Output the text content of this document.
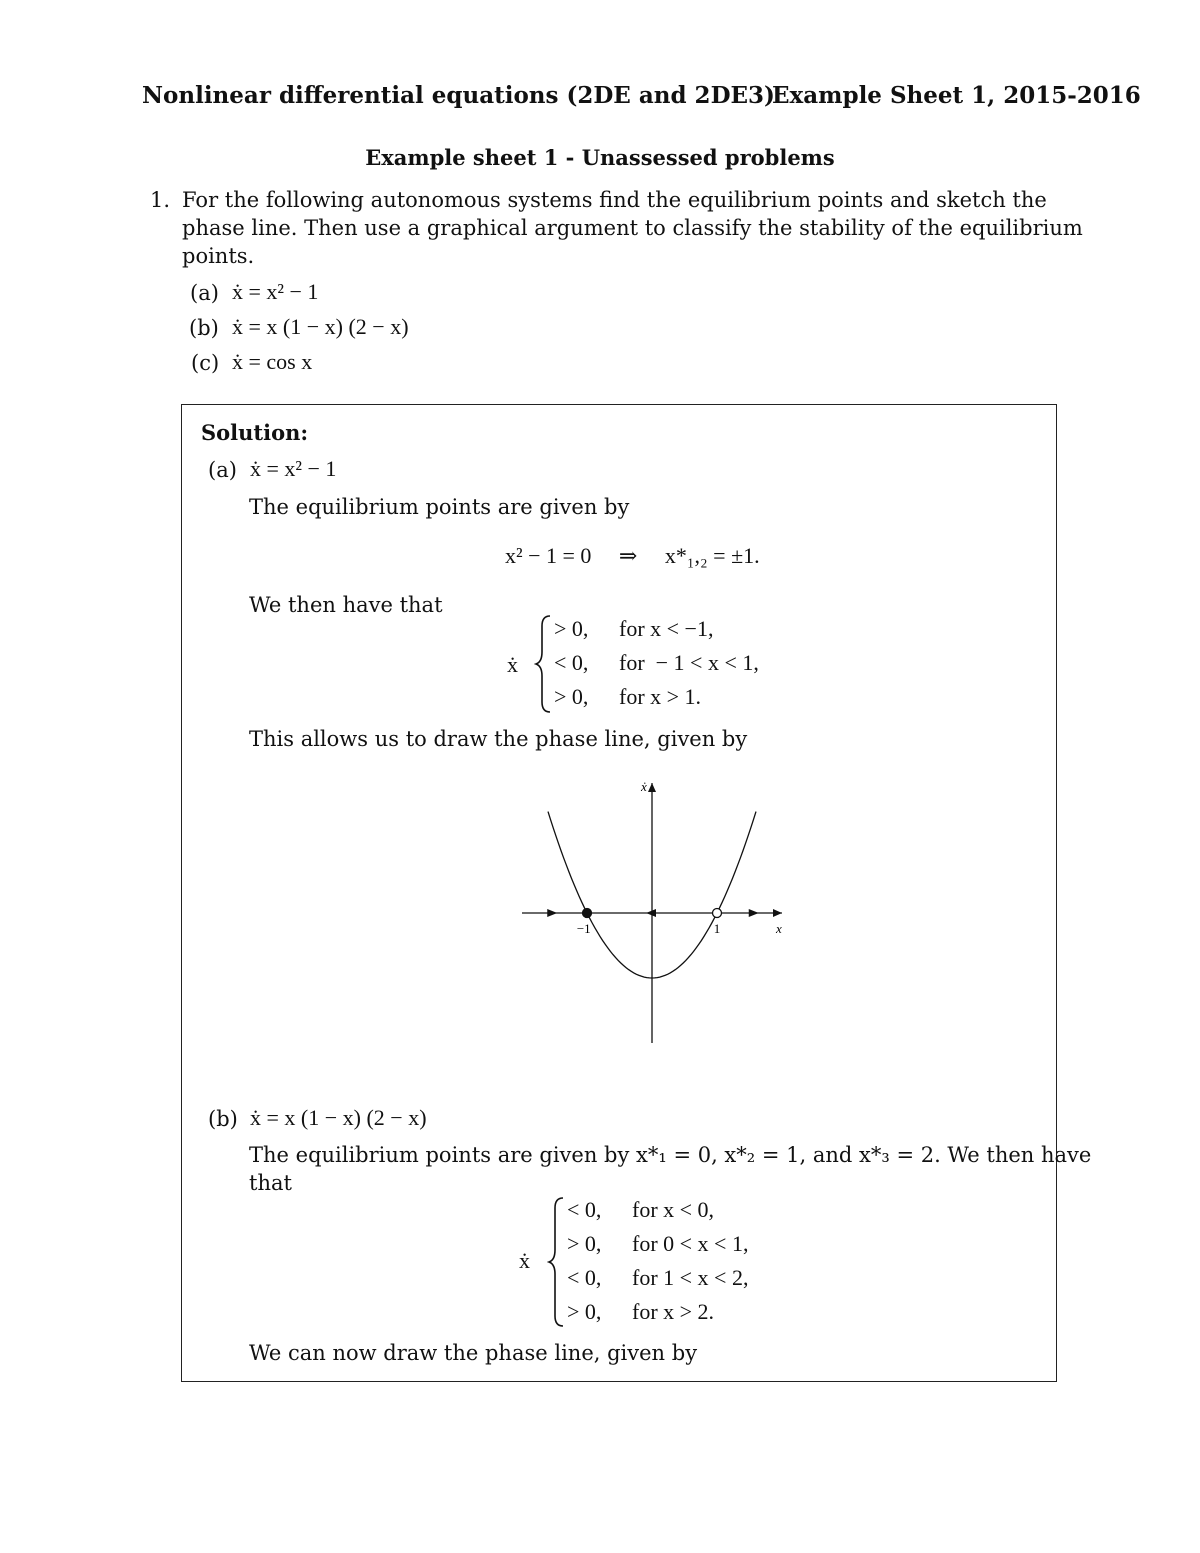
Nonlinear differential equations (2DE and 2DE3)
Example Sheet 1, 2015-2016
Example sheet 1 - Unassessed problems
1. For the following autonomous systems find the equilibrium points and sketch the
phase line. Then use a graphical argument to classify the stability of the equilibrium
points.
(a) ẋ = x² − 1
(b) ẋ = x (1 − x) (2 − x)
(c) ẋ = cos x
Solution:
(a) ẋ = x² − 1
The equilibrium points are given by
x² − 1 = 0     ⇒     x*₁,₂ = ±1.
We then have that
ẋ
> 0, for x < −1,
< 0, for  − 1 < x < 1,
> 0, for x > 1.
This allows us to draw the phase line, given by
−1	1	x
ẋ
(b) ẋ = x (1 − x) (2 − x)
The equilibrium points are given by x*₁ = 0, x*₂ = 1, and x*₃ = 2. We then have
that
ẋ
< 0, for x < 0,
> 0, for 0 < x < 1,
< 0, for 1 < x < 2,
> 0, for x > 2.
We can now draw the phase line, given by
